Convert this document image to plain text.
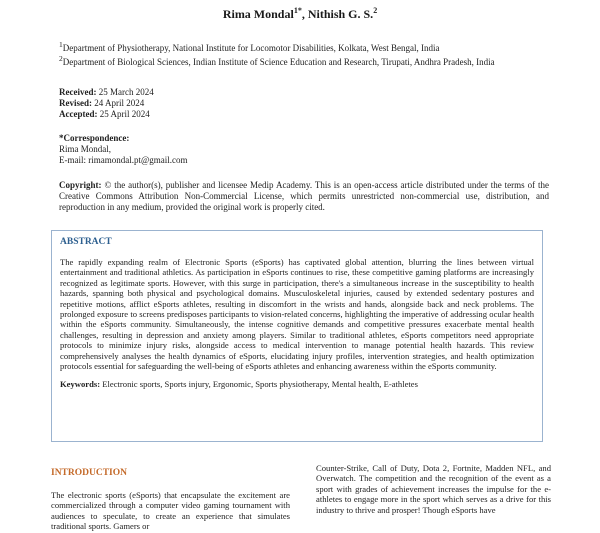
Rima Mondal$^{1*}$, Nithish G. S.$^2$
$^1$Department of Physiotherapy, National Institute for Locomotor Disabilities, Kolkata, West Bengal, India
$^2$Department of Biological Sciences, Indian Institute of Science Education and Research, Tirupati, Andhra Pradesh, India
Received: 25 March 2024
Revised: 24 April 2024
Accepted: 25 April 2024
*Correspondence:
Rima Mondal,
E-mail: rimamondal.pt@gmail.com
Copyright: © the author(s), publisher and licensee Medip Academy. This is an open-access article distributed under the terms of the Creative Commons Attribution Non-Commercial License, which permits unrestricted non-commercial use, distribution, and reproduction in any medium, provided the original work is properly cited.
ABSTRACT

The rapidly expanding realm of Electronic Sports (eSports) has captivated global attention, blurring the lines between virtual entertainment and traditional athletics. As participation in eSports continues to rise, these competitive gaming platforms are increasingly recognized as legitimate sports. However, with this surge in participation, there's a simultaneous increase in the susceptibility to health hazards, spanning both physical and psychological domains. Musculoskeletal injuries, caused by extended sedentary postures and repetitive motions, afflict eSports athletes, resulting in discomfort in the wrists and hands, alongside back and neck problems. The prolonged exposure to screens predisposes participants to vision-related concerns, highlighting the imperative of addressing ocular health within the eSports community. Simultaneously, the intense cognitive demands and competitive pressures exacerbate mental health challenges, resulting in depression and anxiety among players. Similar to traditional athletes, eSports competitors need appropriate protocols to minimize injury risks, alongside access to medical intervention to manage potential health hazards. This review comprehensively analyses the health dynamics of eSports, elucidating injury profiles, intervention strategies, and health optimization protocols essential for safeguarding the well-being of eSports athletes and enhancing awareness within the eSports community.

Keywords: Electronic sports, Sports injury, Ergonomic, Sports physiotherapy, Mental health, E-athletes
INTRODUCTION
The electronic sports (eSports) that encapsulate the excitement are commercialized through a computer video gaming tournament with audiences to speculate, to create an experience that simulates traditional sports. Gamers or
Counter-Strike, Call of Duty, Dota 2, Fortnite, Madden NFL, and Overwatch. The competition and the recognition of the event as a sport with grades of achievement increases the impulse for the e-athletes to engage more in the sport which serves as a drive for this industry to thrive and prosper! Though eSports have
